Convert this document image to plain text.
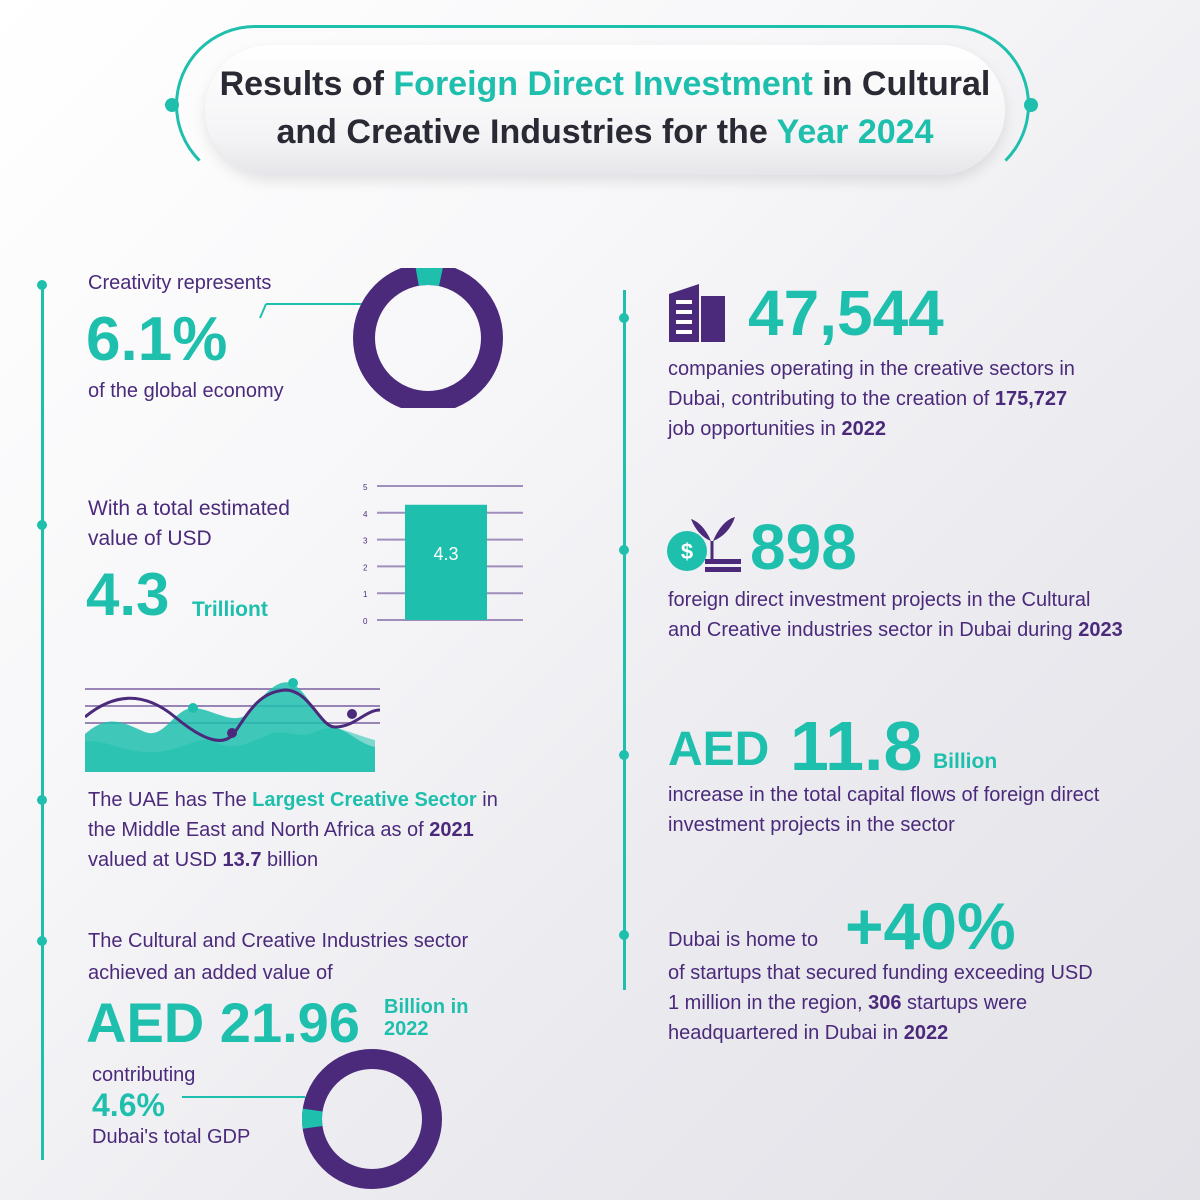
Results of Foreign Direct Investment in Cultural
and Creative Industries for the Year 2024
Creativity represents
6.1%
of the global economy
With a total estimated
value of USD
4.3 Trilliont
0
1
2
3
4
5
4.3
The UAE has The Largest Creative Sector in
the Middle East and North Africa as of 2021
valued at USD 13.7 billion
The Cultural and Creative Industries sector
achieved an added value of
AED 21.96 Billion in
2022
contributing
4.6%
Dubai's total GDP
47,544
companies operating in the creative sectors in
Dubai, contributing to the creation of 175,727
job opportunities in 2022
$ 898
foreign direct investment projects in the Cultural
and Creative industries sector in Dubai during 2023
AED 11.8 Billion
increase in the total capital flows of foreign direct
investment projects in the sector
Dubai is home to +40%
of startups that secured funding exceeding USD
1 million in the region, 306 startups were
headquartered in Dubai in 2022
